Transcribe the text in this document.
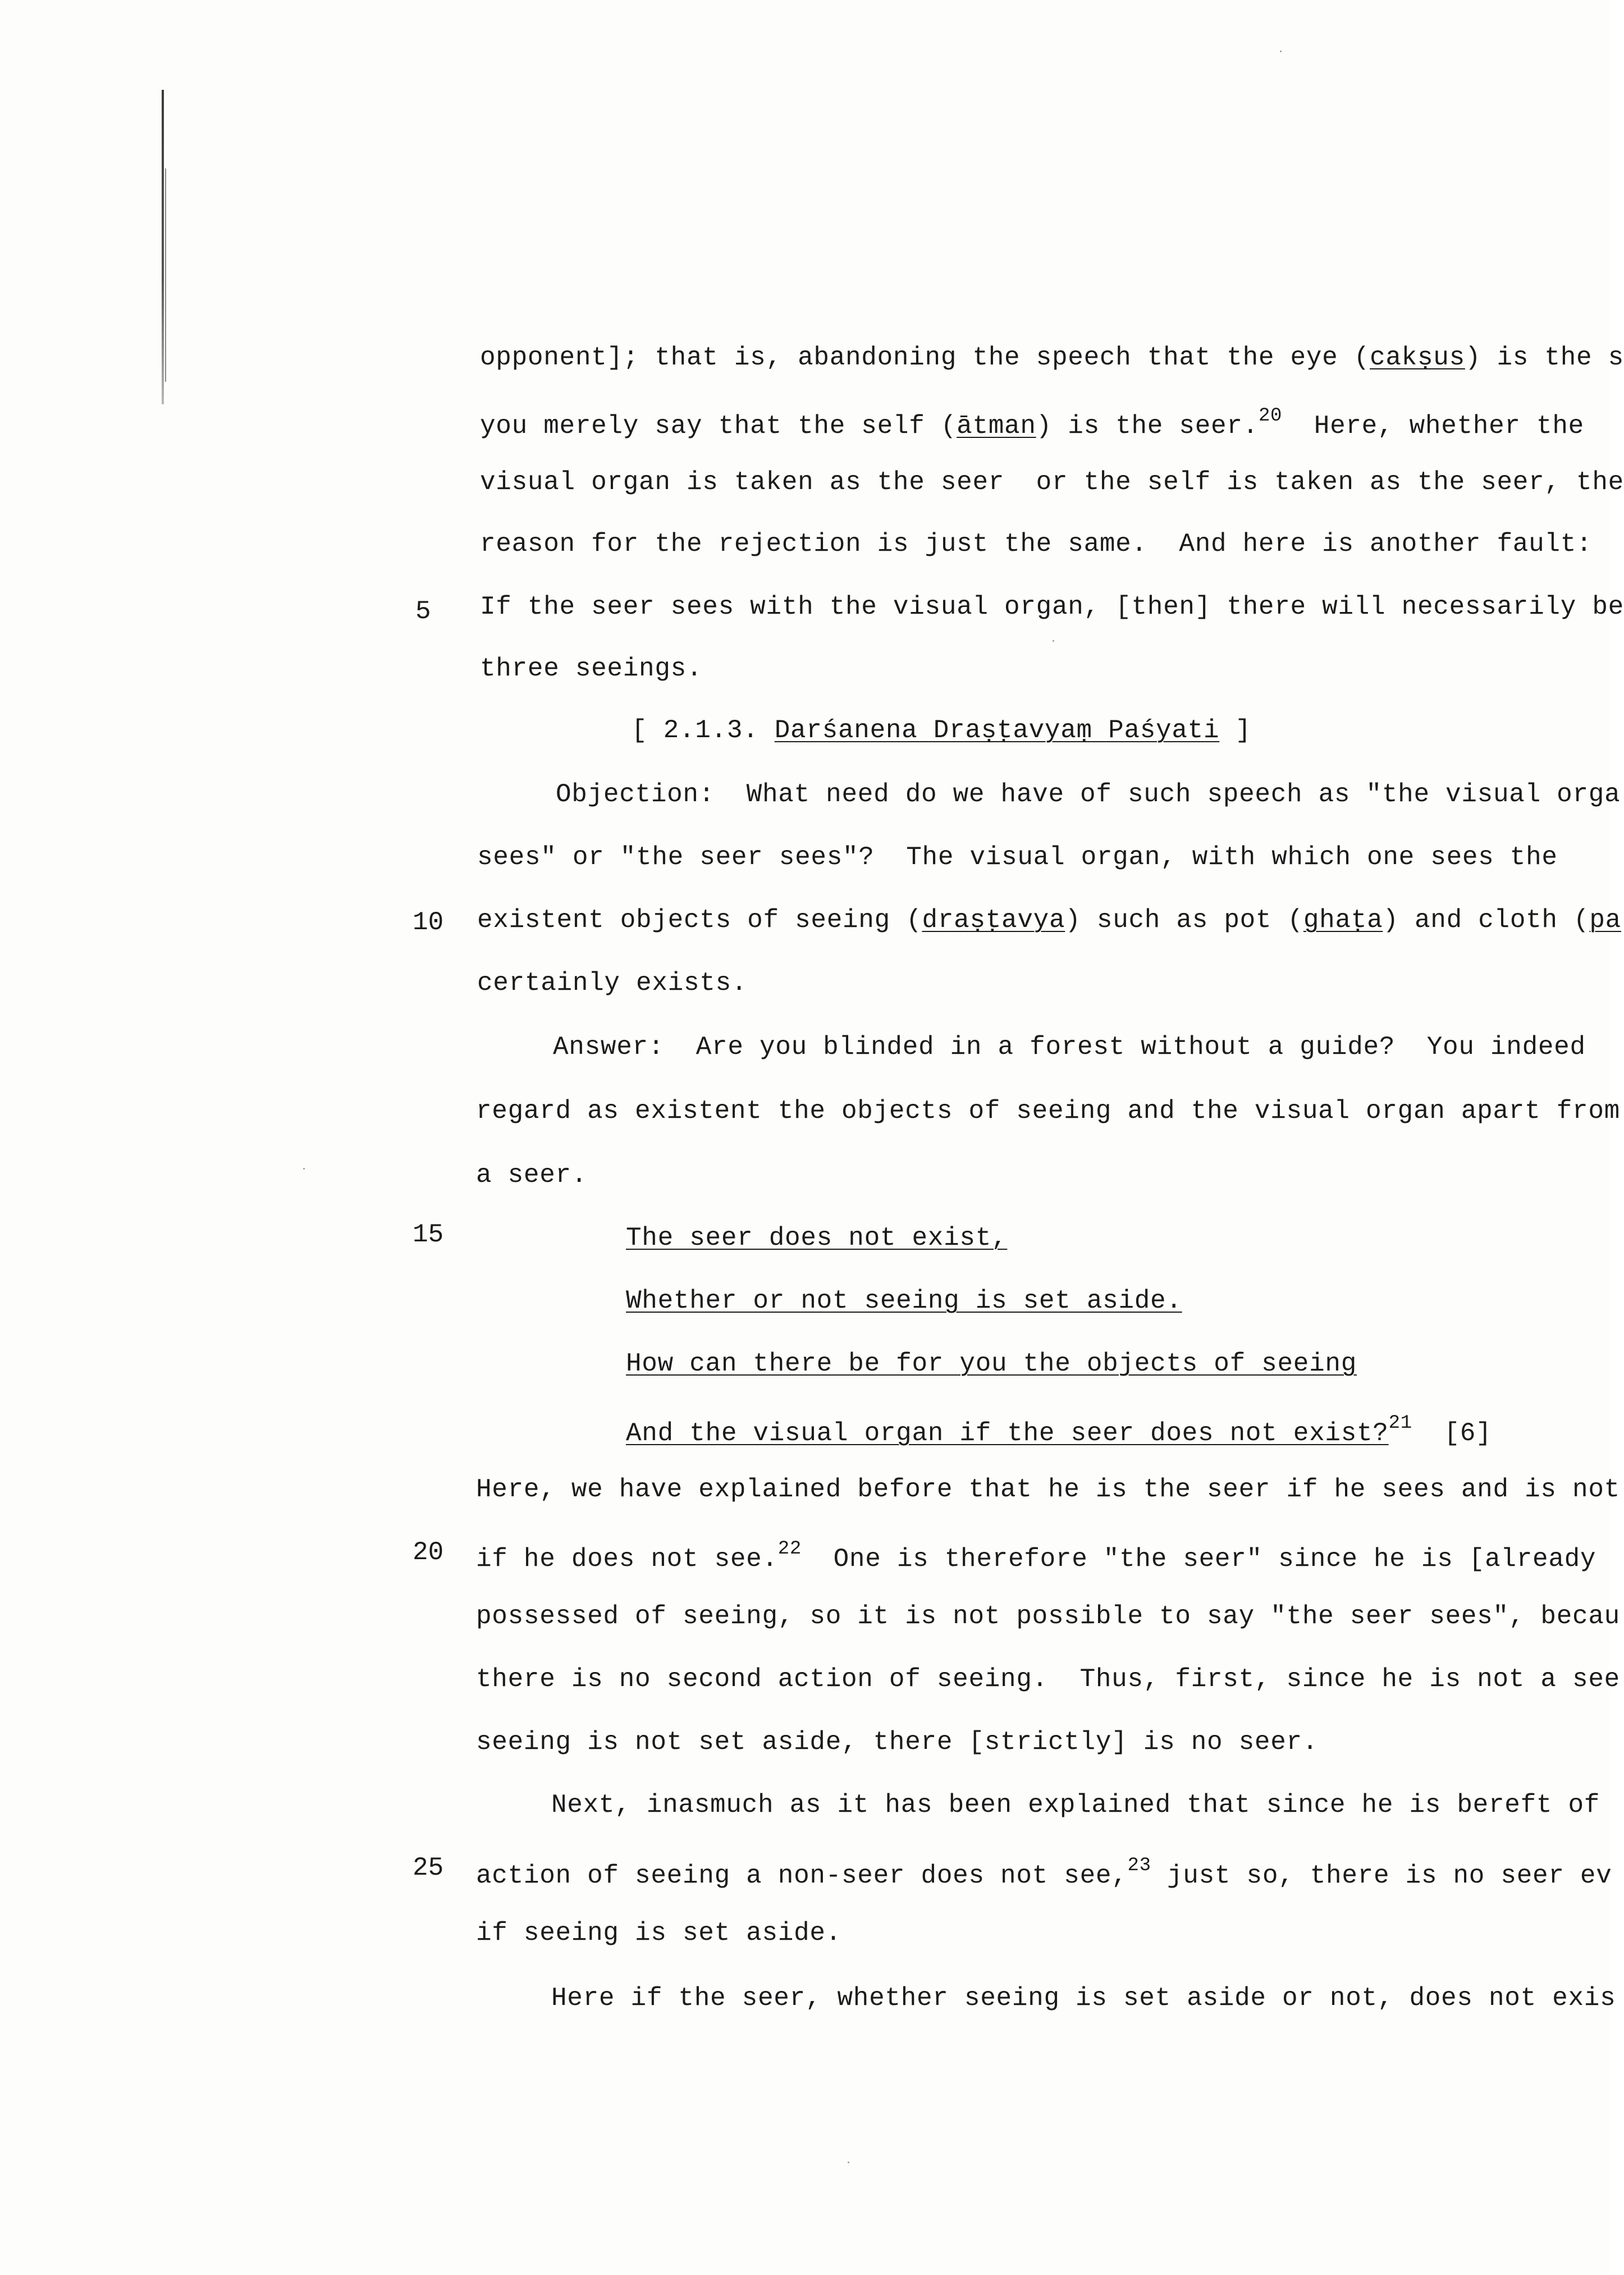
5
10
15
20
25
opponent]; that is, abandoning the speech that the eye (cakṣus) is the s
you merely say that the self (ātman) is the seer.$^{20}$  Here, whether the
visual organ is taken as the seer  or the self is taken as the seer, the
reason for the rejection is just the same.  And here is another fault:
If the seer sees with the visual organ, [then] there will necessarily be
three seeings.
[ 2.1.3. Darśanena Draṣṭavyaṃ Paśyati ]
Objection:  What need do we have of such speech as "the visual orga
sees" or "the seer sees"?  The visual organ, with which one sees the
existent objects of seeing (draṣṭavya) such as pot (ghaṭa) and cloth (pa
certainly exists.
Answer:  Are you blinded in a forest without a guide?  You indeed
regard as existent the objects of seeing and the visual organ apart from
a seer.
The seer does not exist,
Whether or not seeing is set aside.
How can there be for you the objects of seeing
And the visual organ if the seer does not exist?$^{21}$  [6]
Here, we have explained before that he is the seer if he sees and is not
if he does not see.$^{22}$  One is therefore "the seer" since he is [already
possessed of seeing, so it is not possible to say "the seer sees", becau
there is no second action of seeing.  Thus, first, since he is not a see
seeing is not set aside, there [strictly] is no seer.
Next, inasmuch as it has been explained that since he is bereft of
action of seeing a non-seer does not see,$^{23}$ just so, there is no seer ev
if seeing is set aside.
Here if the seer, whether seeing is set aside or not, does not exis
